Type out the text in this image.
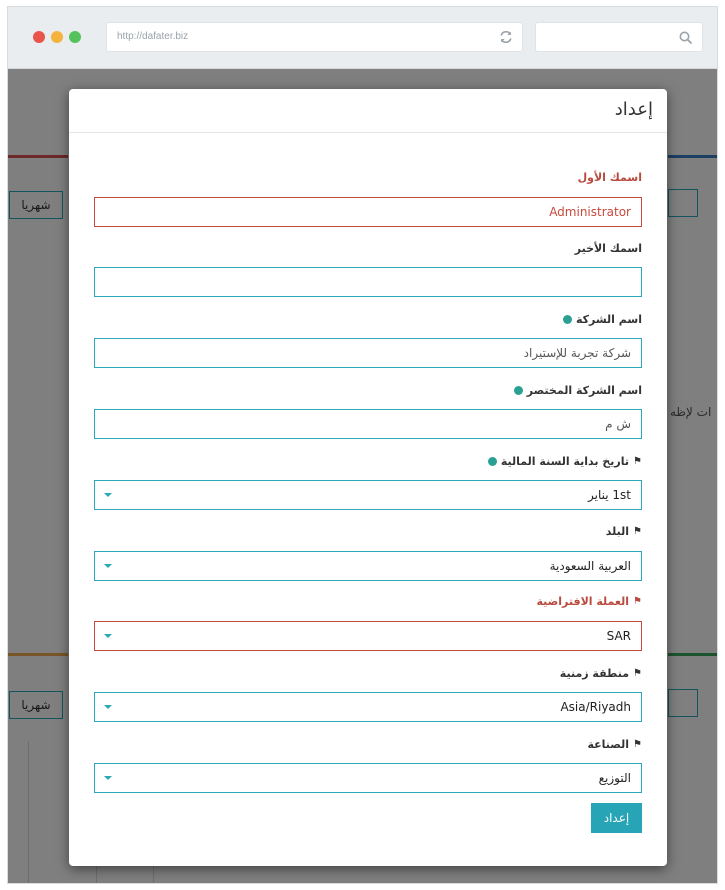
http://dafater.biz
إعداد
اسمك الأول
Administrator
اسمك الأخير
اسم الشركة
شركة تجربة للإستيراد
اسم الشركة المختصر
ش م
⚑
تاريخ بداية السنة المالية
1st يناير
⚑
البلد
العربية السعودية
⚑
العملة الافتراضية
SAR
⚑
منطقة زمنية
Asia/Riyadh
⚑
الصناعة
التوزيع
إعداد
